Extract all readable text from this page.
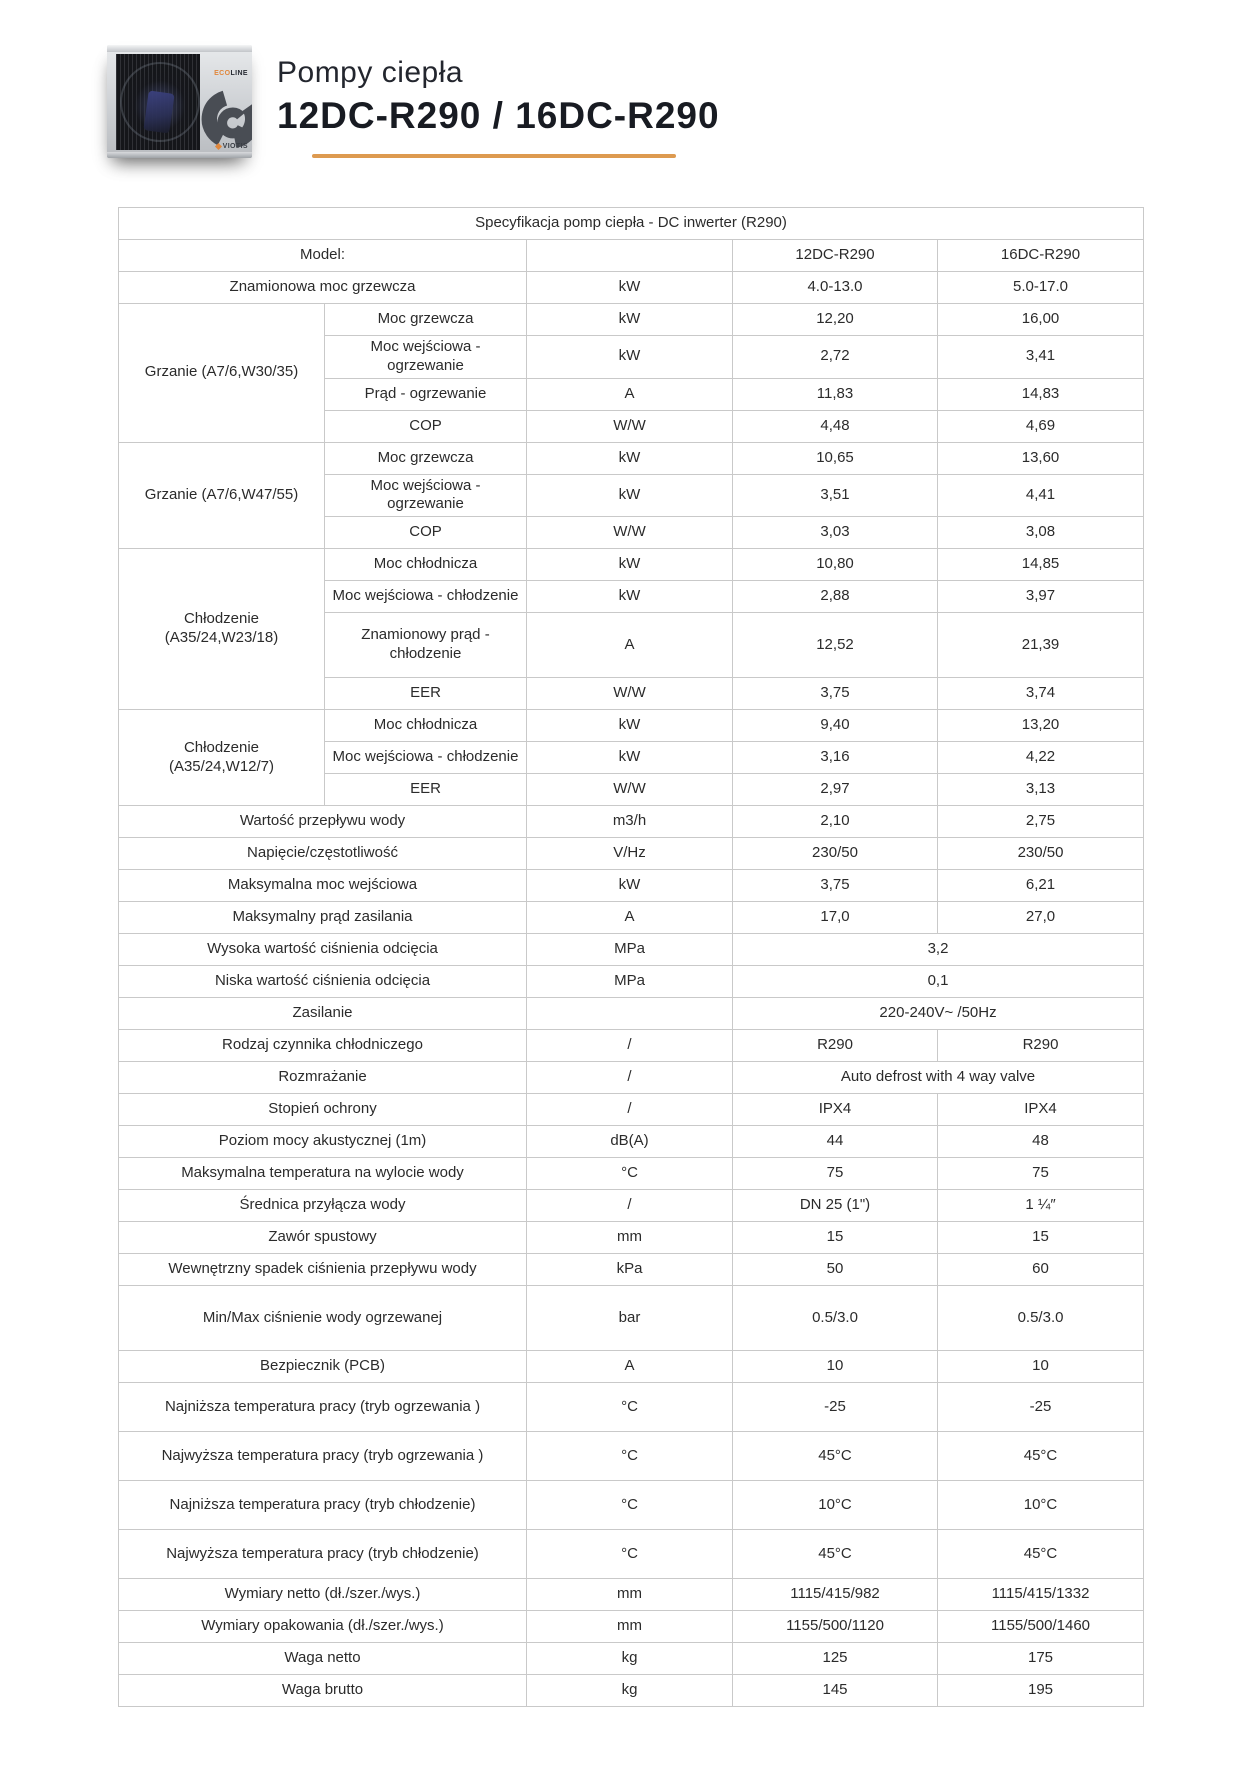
ECOLINE
VIOTIS
Pompy ciepła
12DC-R290 / 16DC-R290
Specyfikacja pomp ciepła - DC inwerter (R290)				
Model:			12DC-R290	16DC-R290
Znamionowa moc grzewcza		kW	4.0-13.0	5.0-17.0
Grzanie (A7/6,W30/35)	Moc grzewcza	kW	12,20	16,00
	Moc wejściowa - ogrzewanie	kW	2,72	3,41
	Prąd - ogrzewanie	A	11,83	14,83
	COP	W/W	4,48	4,69
Grzanie (A7/6,W47/55)	Moc grzewcza	kW	10,65	13,60
	Moc wejściowa - ogrzewanie	kW	3,51	4,41
	COP	W/W	3,03	3,08
Chłodzenie
(A35/24,W23/18)	Moc chłodnicza	kW	10,80	14,85
	Moc wejściowa - chłodzenie	kW	2,88	3,97
	Znamionowy prąd -
chłodzenie	A	12,52	21,39
	EER	W/W	3,75	3,74
Chłodzenie
(A35/24,W12/7)	Moc chłodnicza	kW	9,40	13,20
	Moc wejściowa - chłodzenie	kW	3,16	4,22
	EER	W/W	2,97	3,13
Wartość przepływu wody		m3/h	2,10	2,75
Napięcie/częstotliwość		V/Hz	230/50	230/50
Maksymalna moc wejściowa		kW	3,75	6,21
Maksymalny prąd zasilania		A	17,0	27,0
Wysoka wartość ciśnienia odcięcia		MPa	3,2	
Niska wartość ciśnienia odcięcia		MPa	0,1	
Zasilanie			220-240V~ /50Hz	
Rodzaj czynnika chłodniczego		/	R290	R290
Rozmrażanie		/	Auto defrost with 4 way valve	
Stopień ochrony		/	IPX4	IPX4
Poziom mocy akustycznej (1m)		dB(A)	44	48
Maksymalna temperatura na wylocie wody		°C	75	75
Średnica przyłącza wody		/	DN 25 (1")	1 ¼″
Zawór spustowy		mm	15	15
Wewnętrzny spadek ciśnienia przepływu wody		kPa	50	60
Min/Max ciśnienie wody ogrzewanej		bar	0.5/3.0	0.5/3.0
Bezpiecznik (PCB)		A	10	10
Najniższa temperatura pracy (tryb ogrzewania )		°C	-25	-25
Najwyższa temperatura pracy (tryb ogrzewania )		°C	45°C	45°C
Najniższa temperatura pracy (tryb chłodzenie)		°C	10°C	10°C
Najwyższa temperatura pracy (tryb chłodzenie)		°C	45°C	45°C
Wymiary netto (dł./szer./wys.)		mm	1115/415/982	1115/415/1332
Wymiary opakowania (dł./szer./wys.)		mm	1155/500/1120	1155/500/1460
Waga netto		kg	125	175
Waga brutto		kg	145	195
